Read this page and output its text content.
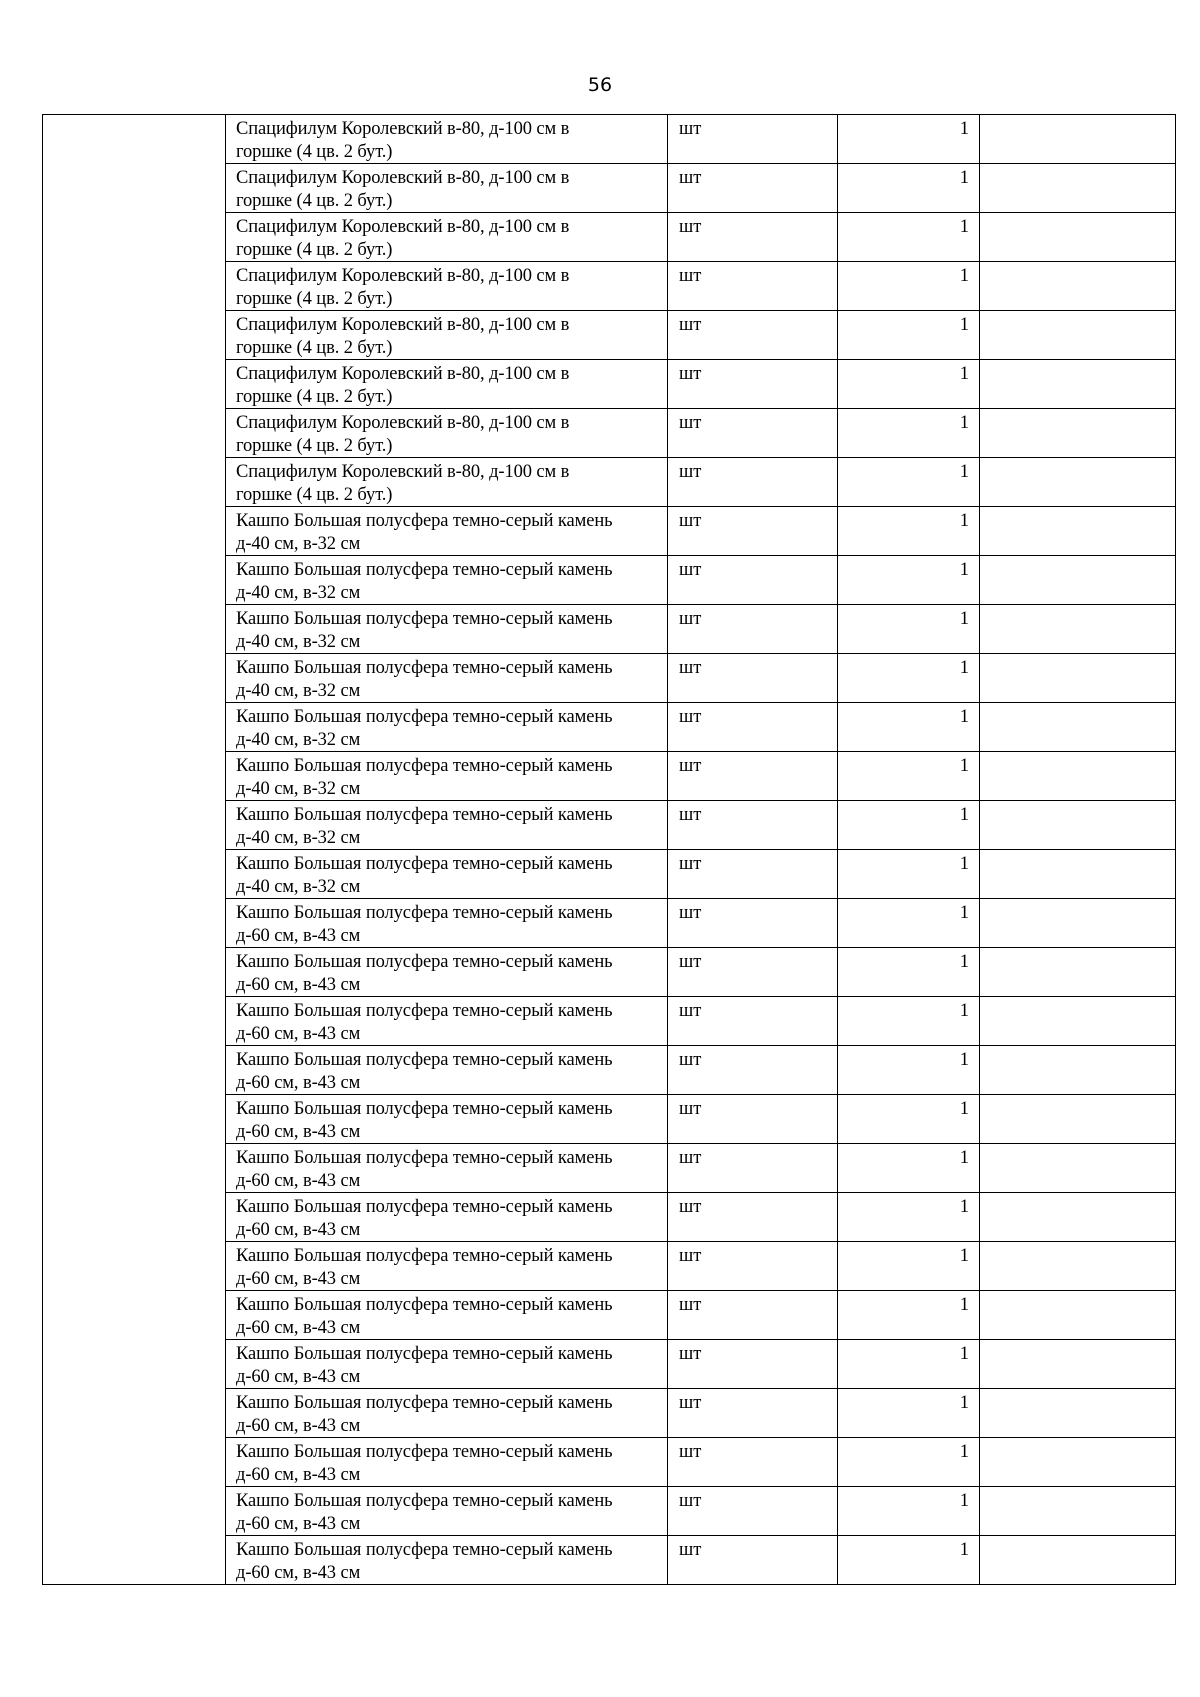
56
	Спацифилум Королевский в-80, д-100 см в
горшке (4 цв. 2 бут.)	шт	1	
	Спацифилум Королевский в-80, д-100 см в
горшке (4 цв. 2 бут.)	шт	1	
	Спацифилум Королевский в-80, д-100 см в
горшке (4 цв. 2 бут.)	шт	1	
	Спацифилум Королевский в-80, д-100 см в
горшке (4 цв. 2 бут.)	шт	1	
	Спацифилум Королевский в-80, д-100 см в
горшке (4 цв. 2 бут.)	шт	1	
	Спацифилум Королевский в-80, д-100 см в
горшке (4 цв. 2 бут.)	шт	1	
	Спацифилум Королевский в-80, д-100 см в
горшке (4 цв. 2 бут.)	шт	1	
	Спацифилум Королевский в-80, д-100 см в
горшке (4 цв. 2 бут.)	шт	1	
	Кашпо Большая полусфера темно-серый камень
д-40 см, в-32 см	шт	1	
	Кашпо Большая полусфера темно-серый камень
д-40 см, в-32 см	шт	1	
	Кашпо Большая полусфера темно-серый камень
д-40 см, в-32 см	шт	1	
	Кашпо Большая полусфера темно-серый камень
д-40 см, в-32 см	шт	1	
	Кашпо Большая полусфера темно-серый камень
д-40 см, в-32 см	шт	1	
	Кашпо Большая полусфера темно-серый камень
д-40 см, в-32 см	шт	1	
	Кашпо Большая полусфера темно-серый камень
д-40 см, в-32 см	шт	1	
	Кашпо Большая полусфера темно-серый камень
д-40 см, в-32 см	шт	1	
	Кашпо Большая полусфера темно-серый камень
д-60 см, в-43 см	шт	1	
	Кашпо Большая полусфера темно-серый камень
д-60 см, в-43 см	шт	1	
	Кашпо Большая полусфера темно-серый камень
д-60 см, в-43 см	шт	1	
	Кашпо Большая полусфера темно-серый камень
д-60 см, в-43 см	шт	1	
	Кашпо Большая полусфера темно-серый камень
д-60 см, в-43 см	шт	1	
	Кашпо Большая полусфера темно-серый камень
д-60 см, в-43 см	шт	1	
	Кашпо Большая полусфера темно-серый камень
д-60 см, в-43 см	шт	1	
	Кашпо Большая полусфера темно-серый камень
д-60 см, в-43 см	шт	1	
	Кашпо Большая полусфера темно-серый камень
д-60 см, в-43 см	шт	1	
	Кашпо Большая полусфера темно-серый камень
д-60 см, в-43 см	шт	1	
	Кашпо Большая полусфера темно-серый камень
д-60 см, в-43 см	шт	1	
	Кашпо Большая полусфера темно-серый камень
д-60 см, в-43 см	шт	1	
	Кашпо Большая полусфера темно-серый камень
д-60 см, в-43 см	шт	1	
	Кашпо Большая полусфера темно-серый камень
д-60 см, в-43 см	шт	1	
